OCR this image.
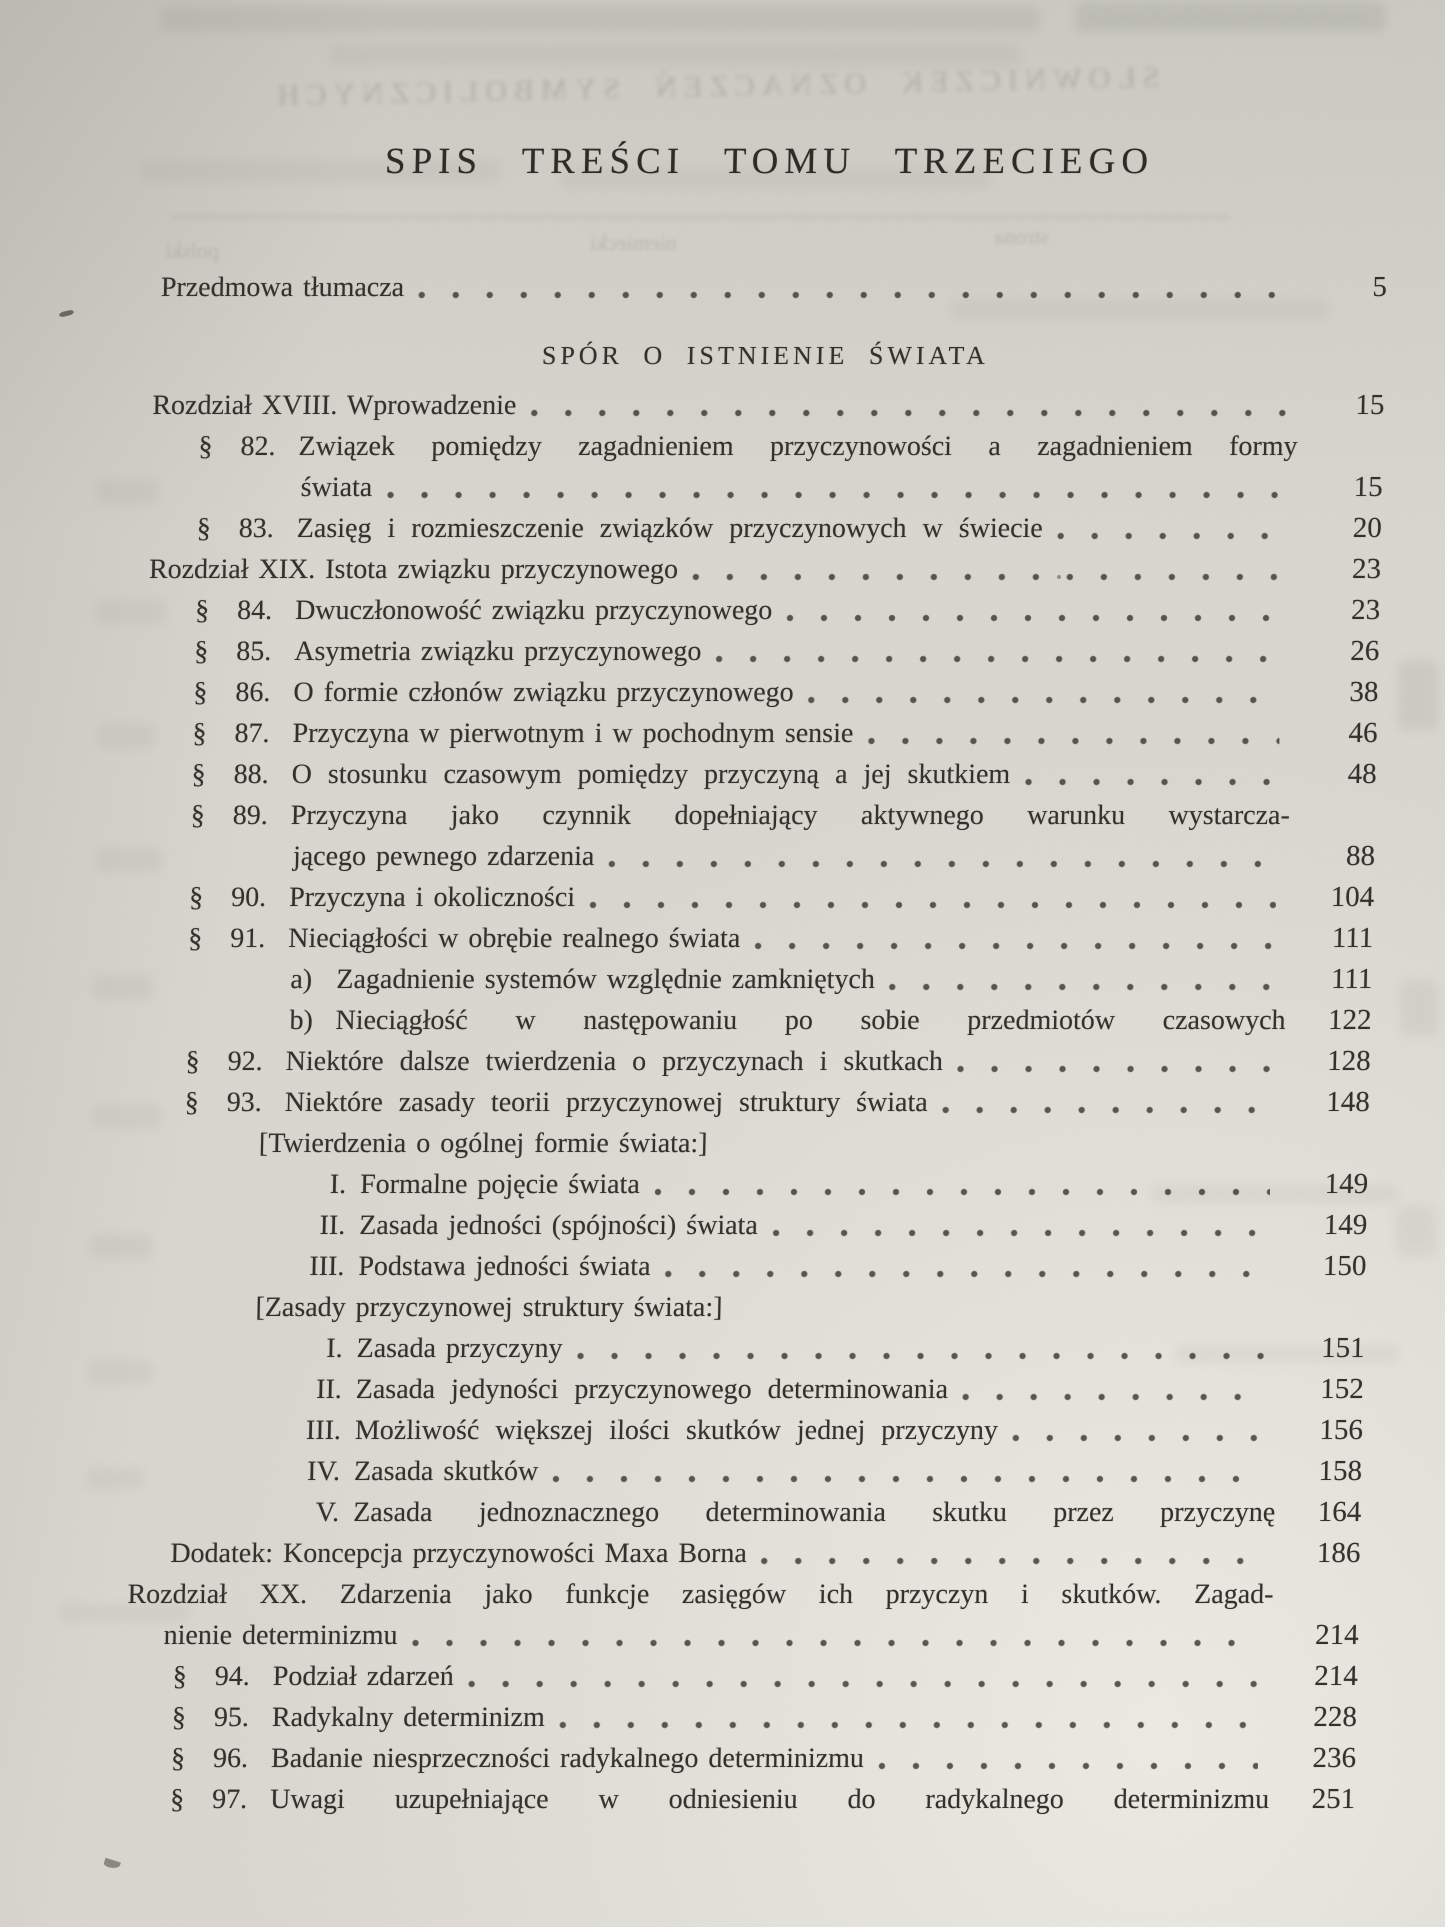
SŁOWNICZEK OZNACZEŃ SYMBOLICZNYCH
polski	niemiecki	strona
SPIS TREŚCI TOMU TRZECIEGO
Przedmowa tłumacza	5
SPÓR O ISTNIENIE ŚWIATA
Rozdział XVIII. Wprowadzenie	15
§ 82. Związek pomiędzy zagadnieniem przyczynowości a zagadnieniem formy
świata	15
§ 83. Zasięg i rozmieszczenie związków przyczynowych w świecie	20
Rozdział XIX. Istota związku przyczynowego	23
§ 84. Dwuczłonowość związku przyczynowego	23
§ 85. Asymetria związku przyczynowego	26
§ 86. O formie członów związku przyczynowego	38
§ 87. Przyczyna w pierwotnym i w pochodnym sensie	46
§ 88. O stosunku czasowym pomiędzy przyczyną a jej skutkiem	48
§ 89. Przyczyna jako czynnik dopełniający aktywnego warunku wystarcza-
jącego pewnego zdarzenia	88
§ 90. Przyczyna i okoliczności	104
§ 91. Nieciągłości w obrębie realnego świata	111
a) Zagadnienie systemów względnie zamkniętych	111
b) Nieciągłość w następowaniu po sobie przedmiotów czasowych	122
§ 92. Niektóre dalsze twierdzenia o przyczynach i skutkach	128
§ 93. Niektóre zasady teorii przyczynowej struktury świata	148
[Twierdzenia o ogólnej formie świata:]
I. Formalne pojęcie świata	149
II. Zasada jedności (spójności) świata	149
III. Podstawa jedności świata	150
[Zasady przyczynowej struktury świata:]
I. Zasada przyczyny	151
II. Zasada jedyności przyczynowego determinowania	152
III. Możliwość większej ilości skutków jednej przyczyny	156
IV. Zasada skutków	158
V. Zasada jednoznacznego determinowania skutku przez przyczynę	164
Dodatek: Koncepcja przyczynowości Maxa Borna	186
Rozdział XX. Zdarzenia jako funkcje zasięgów ich przyczyn i skutków. Zagad-
nienie determinizmu	214
§ 94. Podział zdarzeń	214
§ 95. Radykalny determinizm	228
§ 96. Badanie niesprzeczności radykalnego determinizmu	236
§ 97. Uwagi uzupełniające w odniesieniu do radykalnego determinizmu	251
